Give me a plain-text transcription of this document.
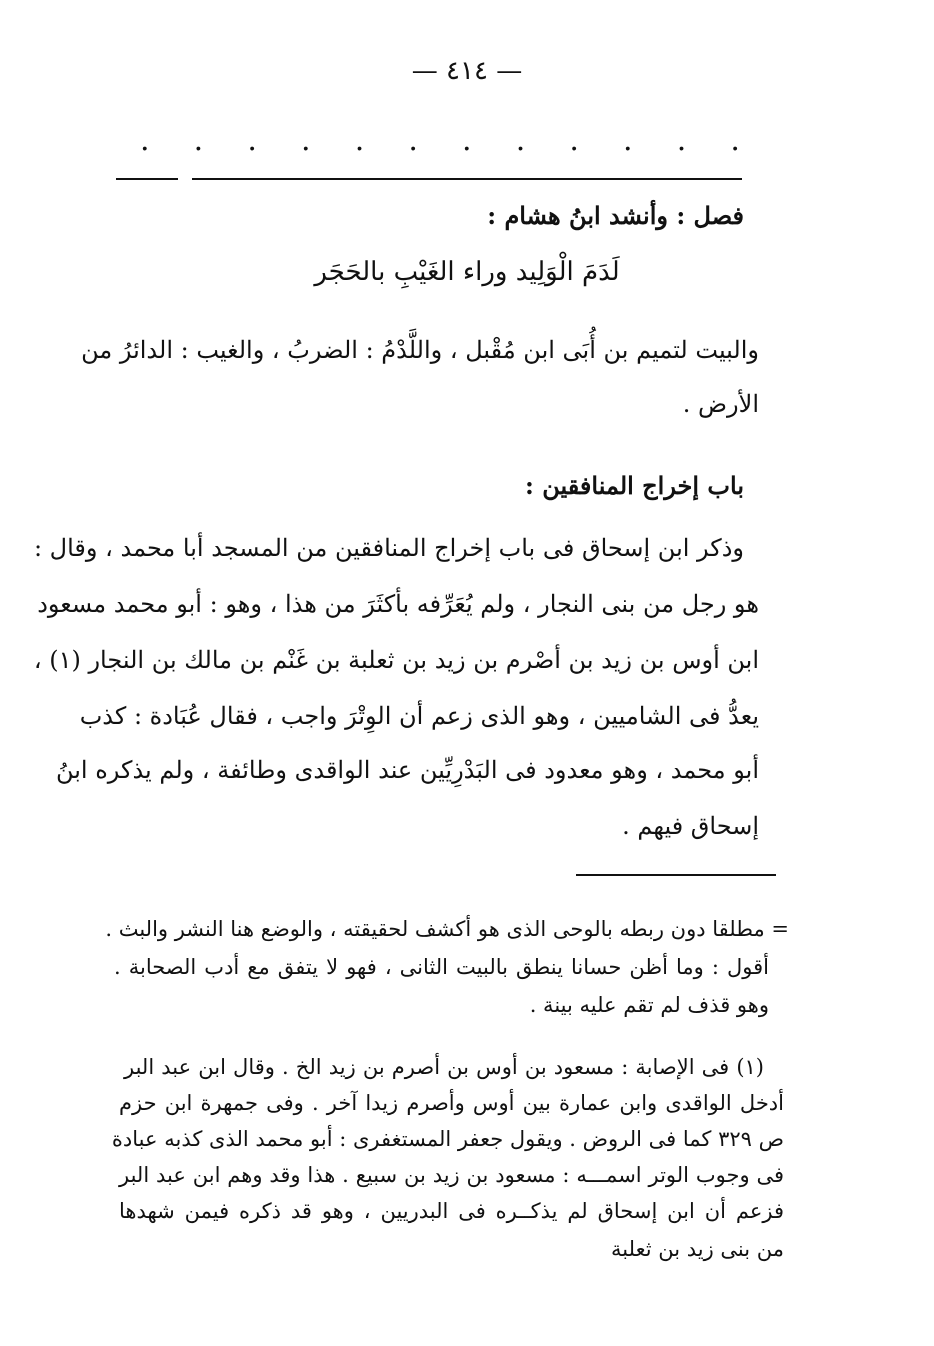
— ٤١٤ —
. . . . . . . . . . . .
فصل : وأنشد ابنُ هشام :
لَدَمَ الْوَلِيد وراء الغَيْبِ بالحَجَر
والبيت لتميم بن أُبَى ابن مُقْبل ، واللَّدْمُ : الضربُ ، والغيب : الدائرُ من
الأرض .
باب إخراج المنافقين :
وذكر ابن إسحاق فى باب إخراج المنافقين من المسجد أبا محمد ، وقال :
هو رجل من بنى النجار ، ولم يُعَرِّفه بأكثَرَ من هذا ، وهو : أبو محمد مسعود
ابن أوس بن زيد بن أصْرم بن زيد بن ثعلبة بن غَنْم بن مالك بن النجار (١) ،
يعدُّ فى الشاميين ، وهو الذى زعم أن الوِتْرَ واجب ، فقال عُبَادة : كذب
أبو محمد ، وهو معدود فى البَدْرِيِّين عند الواقدى وطائفة ، ولم يذكره ابنُ
إسحاق فيهم .
= مطلقا دون ربطه بالوحى الذى هو أكشف لحقيقته ، والوضع هنا النشر والبث .
أقول : وما أظن حسانا ينطق بالبيت الثانى ، فهو لا يتفق مع أدب الصحابة .
وهو قذف لم تقم عليه بينة .
(١) فى الإصابة : مسعود بن أوس بن أصرم بن زيد الخ . وقال ابن عبد البر
أدخل الواقدى وابن عمارة بين أوس وأصرم زيدا آخر . وفى جمهرة ابن حزم
ص ٣٢٩ كما فى الروض . ويقول جعفر المستغفرى : أبو محمد الذى كذبه عبادة
فى وجوب الوتر اسمـــه : مسعود بن زيد بن سبيع . هذا وقد وهم ابن عبد البر
فزعم أن ابن إسحاق لم يذكــره فى البدريين ، وهو قد ذكره فيمن شهدها
من بنى زيد بن ثعلبة
